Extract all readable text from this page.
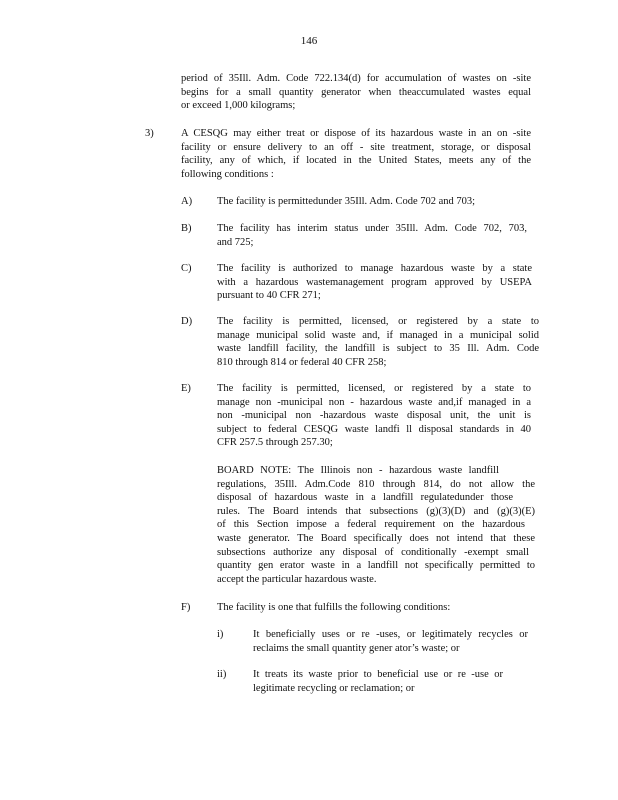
146
period of 35Ill. Adm. Code 722.134(d) for accumulation of wastes on -site
begins for a small quantity generator when theaccumulated wastes equal
or exceed 1,000 kilograms;
3)	A CESQG may either treat or dispose of its hazardous waste in an on -site
facility or ensure delivery to an off - site treatment, storage, or disposal
facility, any of which, if located in the United States, meets any of the
following conditions :
A) The facility is permittedunder 35Ill. Adm. Code 702 and 703;
B) The facility has interim status under 35Ill. Adm. Code 702, 703,
and 725;
C) The facility is authorized to manage hazardous waste by a state
with a hazardous wastemanagement program approved by USEPA
pursuant to 40 CFR 271;
D) The facility is permitted, licensed, or registered by a state to
manage municipal solid waste and, if managed in a municipal solid
waste landfill facility, the landfill is subject to 35 Ill. Adm. Code
810 through 814 or federal 40 CFR 258;
E) The facility is permitted, licensed, or registered by a state to
manage non -municipal non - hazardous waste and,if managed in a
non -municipal non -hazardous waste disposal unit, the unit is
subject to federal CESQG waste landfi ll disposal standards in 40
CFR 257.5 through 257.30;
BOARD NOTE: The Illinois non - hazardous waste landfill
regulations, 35Ill. Adm.Code 810 through 814, do not allow the
disposal of hazardous waste in a landfill regulatedunder those
rules. The Board intends that subsections (g)(3)(D) and (g)(3)(E)
of this Section impose a federal requirement on the hazardous
waste generator. The Board specifically does not intend that these
subsections authorize any disposal of conditionally -exempt small
quantity gen erator waste in a landfill not specifically permitted to
accept the particular hazardous waste.
F)	The facility is one that fulfills the following conditions:
i)	It beneficially uses or re -uses, or legitimately recycles or
reclaims the small quantity gener ator’s waste; or
ii)	It treats its waste prior to beneficial use or re -use or
legitimate recycling or reclamation; or
